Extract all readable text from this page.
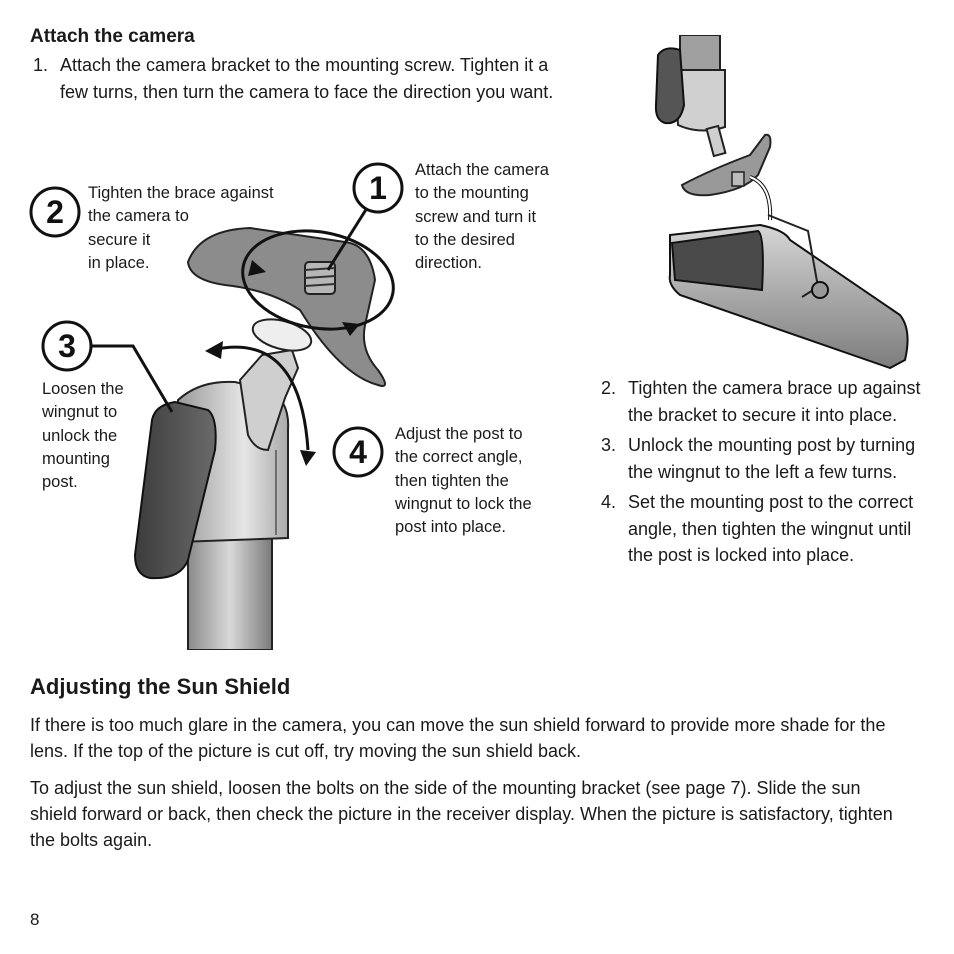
Attach the camera
1. Attach the camera bracket to the mounting screw. Tighten it a few turns, then turn the camera to face the direction you want.
1
2
3
4
Attach the camera
to the mounting
screw and turn it
to the desired
direction.
Tighten the brace against
the camera to
secure it
in place.
Loosen the
wingnut to
unlock the
mounting
post.
Adjust the post to
the correct angle,
then tighten the
wingnut to lock the
post into place.
2. Tighten the camera brace up against the bracket to secure it into place.
3. Unlock the mounting post by turning the wingnut to the left a few turns.
4. Set the mounting post to the correct angle, then tighten the wingnut until the post is locked into place.
Adjusting the Sun Shield

If there is too much glare in the camera, you can move the sun shield forward to provide more shade for the lens. If the top of the picture is cut off, try moving the sun shield back.

To adjust the sun shield, loosen the bolts on the side of the mounting bracket (see page 7). Slide the sun shield forward or back, then check the picture in the receiver display. When the picture is satisfactory, tighten the bolts again.

8
